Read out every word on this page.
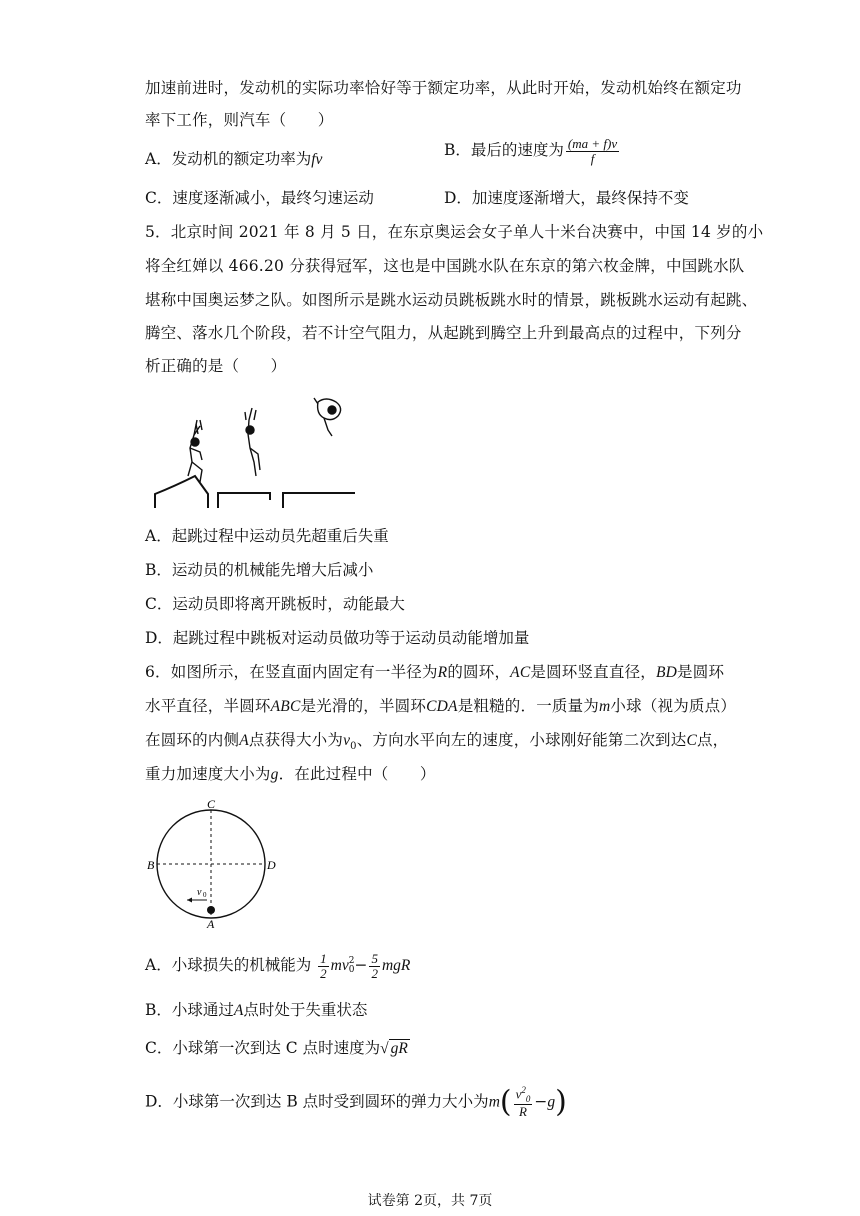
加速前进时，发动机的实际功率恰好等于额定功率，从此时开始，发动机始终在额定功
率下工作，则汽车（　　）
A．发动机的额定功率为fv
B．最后的速度为 $\frac{(ma + f)v}{f}$
C．速度逐渐减小，最终匀速运动	D．加速度逐渐增大，最终保持不变
5．北京时间 2021 年 8 月 5 日，在东京奥运会女子单人十米台决赛中，中国 14 岁的小
将全红婵以 466.20 分获得冠军，这也是中国跳水队在东京的第六枚金牌，中国跳水队
堪称中国奥运梦之队。如图所示是跳水运动员跳板跳水时的情景，跳板跳水运动有起跳、
腾空、落水几个阶段，若不计空气阻力，从起跳到腾空上升到最高点的过程中，下列分
析正确的是（　　）
A．起跳过程中运动员先超重后失重
B．运动员的机械能先增大后减小
C．运动员即将离开跳板时，动能最大
D．起跳过程中跳板对运动员做功等于运动员动能增加量
6．如图所示，在竖直面内固定有一半径为R的圆环，AC是圆环竖直直径，BD是圆环
水平直径，半圆环ABC是光滑的，半圆环CDA是粗糙的．一质量为m小球（视为质点）
在圆环的内侧A点获得大小为$v_0$、方向水平向左的速度，小球刚好能第二次到达C点，
重力加速度大小为g．在此过程中（　　）
C
B	D
A
v 0
A．小球损失的机械能为 $\frac{1}{2}$ mv 2
$0 - \frac{5}{2}$ mgR
B．小球通过A点时处于失重状态
C．小球第一次到达 C 点时速度为√ gR
D．小球第一次到达 B 点时受到圆环的弹力大小为$m( \frac{v^2_0}{R} -g)$
试卷第 2页，共 7页
